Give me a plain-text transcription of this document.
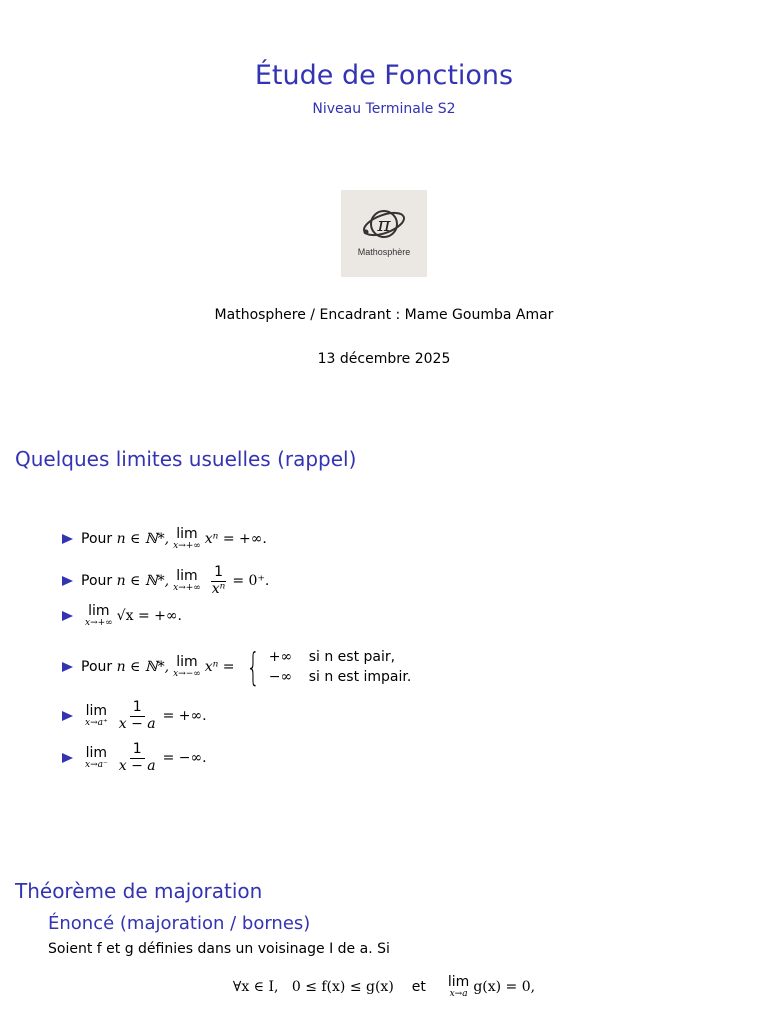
Étude de Fonctions
Niveau Terminale S2
π
Mathosphère
Mathosphere / Encadrant : Mame Goumba Amar
13 décembre 2025
Quelques limites usuelles (rappel)
Pour
n ∈ ℕ*, lim
x→+∞ xⁿ
= +∞.
Pour
n ∈ ℕ*, lim
$x\to+\infty \frac{1}{\text{xⁿ}} = 0^+$.
lim
x→+∞ √x
= +∞.
Pour
n ∈ ℕ*, lim
x→−∞ xⁿ = { +∞	si n est pair,
−∞	si n est impair.
lim
$x\to a^+ \frac{1}{x - a}$ = +∞.
lim
$x\to a^- \frac{1}{x - a}$ = −∞.
Théorème de majoration
Énoncé (majoration / bornes)
Soient f et g définies dans un voisinage I de a. Si
∀x ∈ I,   0 ≤ f(x) ≤ g(x) et lim
x→a g(x) = 0,
